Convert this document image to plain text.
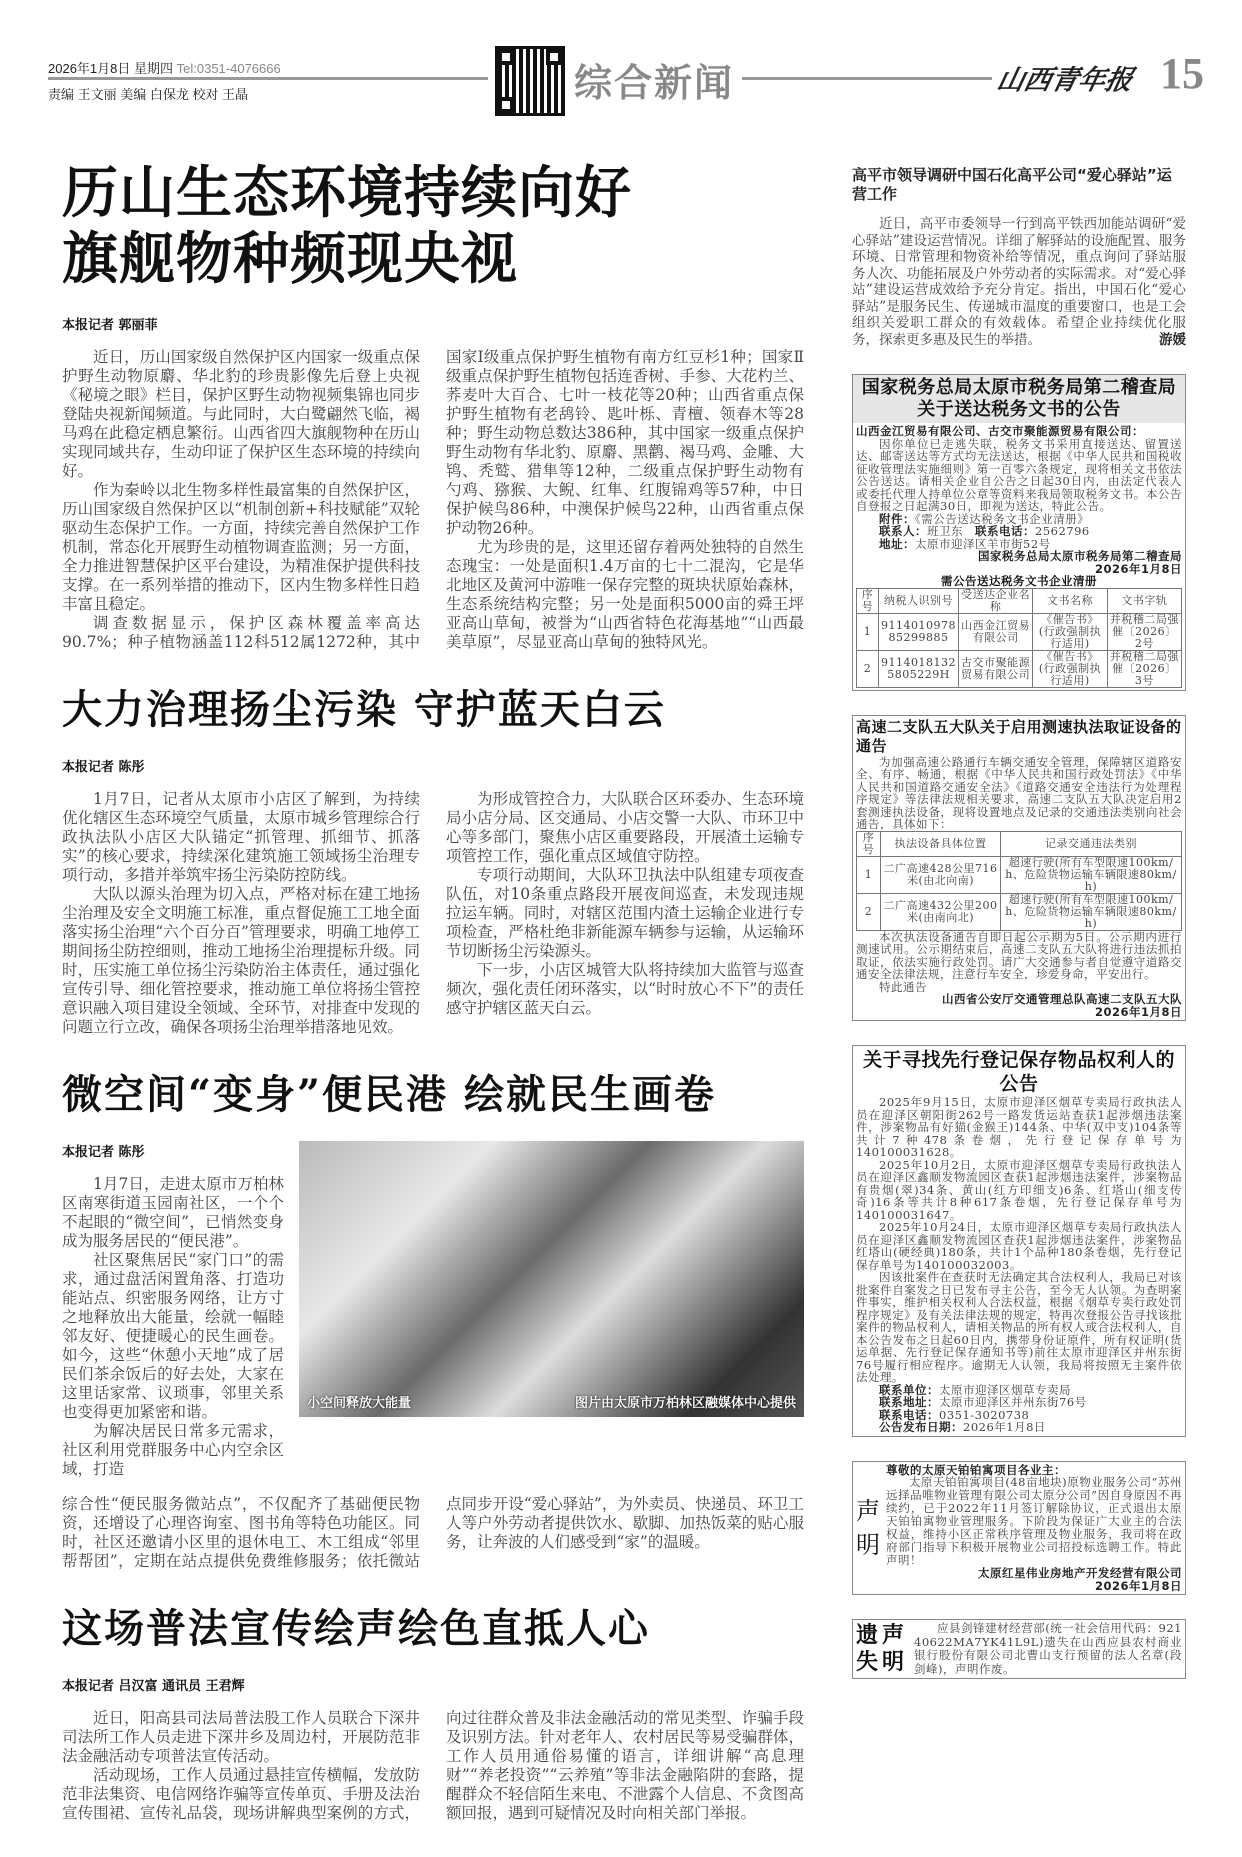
2026年1月8日 星期四 Tel:0351-4076666
责编 王文丽 美编 白保龙 校对 王晶	综合新闻	山西青年报 15
历山生态环境持续向好
旗舰物种频现央视
本报记者 郭丽菲

近日，历山国家级自然保护区内国家一级重点保护野生动物原麝、华北豹的珍贵影像先后登上央视《秘境之眼》栏目，保护区野生动物视频集锦也同步登陆央视新闻频道。与此同时，大白鹭翩然飞临，褐马鸡在此稳定栖息繁衍。山西省四大旗舰物种在历山实现同域共存，生动印证了保护区生态环境的持续向好。

作为秦岭以北生物多样性最富集的自然保护区，历山国家级自然保护区以“机制创新+科技赋能”双轮驱动生态保护工作。一方面，持续完善自然保护工作机制，常态化开展野生动植物调查监测；另一方面，全力推进智慧保护区平台建设，为精准保护提供科技支撑。在一系列举措的推动下，区内生物多样性日趋丰富且稳定。

调查数据显示，保护区森林覆盖率高达90.7%；种子植物涵盖112科512属1272种，其中国家Ⅰ级重点保护野生植物有南方红豆杉1种；国家Ⅱ级重点保护野生植物包括连香树、手参、大花杓兰、荞麦叶大百合、七叶一枝花等20种；山西省重点保护野生植物有老鸹铃、匙叶栎、青檀、领春木等28种；野生动物总数达386种，其中国家一级重点保护野生动物有华北豹、原麝、黑鹳、褐马鸡、金雕、大鸨、秃鹫、猎隼等12种，二级重点保护野生动物有勺鸡、猕猴、大鲵、红隼、红腹锦鸡等57种，中日保护候鸟86种，中澳保护候鸟22种，山西省重点保护动物26种。

尤为珍贵的是，这里还留存着两处独特的自然生态瑰宝：一处是面积1.4万亩的七十二混沟，它是华北地区及黄河中游唯一保存完整的斑块状原始森林，生态系统结构完整；另一处是面积5000亩的舜王坪亚高山草甸，被誉为“山西省特色花海基地”“山西最美草原”，尽显亚高山草甸的独特风光。

大力治理扬尘污染 守护蓝天白云
本报记者 陈彤

1月7日，记者从太原市小店区了解到，为持续优化辖区生态环境空气质量，太原市城乡管理综合行政执法队小店区大队锚定“抓管理、抓细节、抓落实”的核心要求，持续深化建筑施工领域扬尘治理专项行动，多措并举筑牢扬尘污染防控防线。

大队以源头治理为切入点，严格对标在建工地扬尘治理及安全文明施工标准，重点督促施工工地全面落实扬尘治理“六个百分百”管理要求，明确工地停工期间扬尘防控细则，推动工地扬尘治理提标升级。同时，压实施工单位扬尘污染防治主体责任，通过强化宣传引导、细化管控要求，推动施工单位将扬尘管控意识融入项目建设全领域、全环节，对排查中发现的问题立行立改，确保各项扬尘治理举措落地见效。

为形成管控合力，大队联合区环委办、生态环境局小店分局、区交通局、小店交警一大队、市环卫中心等多部门，聚焦小店区重要路段，开展渣土运输专项管控工作，强化重点区域值守防控。

专项行动期间，大队环卫执法中队组建专项夜查队伍，对10条重点路段开展夜间巡查，未发现违规拉运车辆。同时，对辖区范围内渣土运输企业进行专项检查，严格杜绝非新能源车辆参与运输，从运输环节切断扬尘污染源头。

下一步，小店区城管大队将持续加大监管与巡查频次，强化责任闭环落实，以“时时放心不下”的责任感守护辖区蓝天白云。

微空间“变身”便民港 绘就民生画卷
本报记者 陈彤

1月7日，走进太原市万柏林区南寒街道玉园南社区，一个个不起眼的“微空间”，已悄然变身成为服务居民的“便民港”。

社区聚焦居民“家门口”的需求，通过盘活闲置角落、打造功能站点、织密服务网络，让方寸之地释放出大能量，绘就一幅睦邻友好、便捷暖心的民生画卷。如今，这些“休憩小天地”成了居民们茶余饭后的好去处，大家在这里话家常、议琐事，邻里关系也变得更加紧密和谐。

为解决居民日常多元需求，社区利用党群服务中心内空余区域，打造

小空间释放大能量	图片由太原市万柏林区融媒体中心提供
综合性“便民服务微站点”，不仅配齐了基础便民物资，还增设了心理咨询室、图书角等特色功能区。同时，社区还邀请小区里的退休电工、木工组成“邻里帮帮团”，定期在站点提供免费维修服务；依托微站点同步开设“爱心驿站”，为外卖员、快递员、环卫工人等户外劳动者提供饮水、歇脚、加热饭菜的贴心服务，让奔波的人们感受到“家”的温暖。
这场普法宣传绘声绘色直抵人心
本报记者 吕汉富 通讯员 王君辉

近日，阳高县司法局普法股工作人员联合下深井司法所工作人员走进下深井乡及周边村，开展防范非法金融活动专项普法宣传活动。

活动现场，工作人员通过悬挂宣传横幅，发放防范非法集资、电信网络诈骗等宣传单页、手册及法治宣传围裙、宣传礼品袋，现场讲解典型案例的方式，向过往群众普及非法金融活动的常见类型、诈骗手段及识别方法。针对老年人、农村居民等易受骗群体，工作人员用通俗易懂的语言，详细讲解“高息理财”“养老投资”“云养殖”等非法金融陷阱的套路，提醒群众不轻信陌生来电、不泄露个人信息、不贪图高额回报，遇到可疑情况及时向相关部门举报。

高平市领导调研中国石化高平公司“爱心驿站”运营工作
近日，高平市委领导一行到高平铁西加能站调研“爱心驿站”建设运营情况。详细了解驿站的设施配置、服务环境、日常管理和物资补给等情况，重点询问了驿站服务人次、功能拓展及户外劳动者的实际需求。对“爱心驿站”建设运营成效给予充分肯定。指出，中国石化“爱心驿站”是服务民生、传递城市温度的重要窗口，也是工会组织关爱职工群众的有效载体。希望企业持续优化服务，探索更多惠及民生的举措。	游媛
国家税务总局太原市税务局第二稽查局
关于送达税务文书的公告
山西金江贸易有限公司、古交市聚能源贸易有限公司：

因你单位已走逃失联，税务文书采用直接送达、留置送达、邮寄送达等方式均无法送达，根据《中华人民共和国税收征收管理法实施细则》第一百零六条规定，现将相关文书依法公告送达。请相关企业自公告之日起30日内，由法定代表人或委托代理人持单位公章等资料来我局领取税务文书。本公告自登报之日起满30日，即视为送达，特此公告。

附件：《需公告送达税务文书企业清册》

联系人：班卫东　 联系电话：2562796

地址：太原市迎泽区羊市街52号

国家税务总局太原市税务局第二稽查局
2026年1月8日
需公告送达税务文书企业清册
序号	纳税人识别号	受送达企业名称	文书名称	文书字轨
1	911401097885299885	山西金江贸易有限公司	《催告书》(行政强制执行适用)	并税稽二局强催〔2026〕2号
2	91140181325805229H	古交市聚能源贸易有限公司	《催告书》(行政强制执行适用)	并税稽二局强催〔2026〕3号
高速二支队五大队关于启用测速执法取证设备的通告

为加强高速公路通行车辆交通安全管理，保障辖区道路安全、有序、畅通，根据《中华人民共和国行政处罚法》《中华人民共和国道路交通安全法》《道路交通安全违法行为处理程序规定》等法律法规相关要求，高速二支队五大队决定启用2套测速执法设备，现将设置地点及记录的交通违法类别向社会通告，具体如下：

序号	执法设备具体位置	记录交通违法类别
1	二广高速428公里716米(由北向南)	超速行驶(所有车型限速100km/h、危险货物运输车辆限速80km/h)
2	二广高速432公里200米(由南向北)	超速行驶(所有车型限速100km/h、危险货物运输车辆限速80km/h)

本次执法设备通告自即日起公示期为5日。公示期内进行测速试用。公示期结束后，高速二支队五大队将进行违法抓拍取证，依法实施行政处罚。请广大交通参与者自觉遵守道路交通安全法律法规，注意行车安全，珍爱身命，平安出行。

特此通告

山西省公安厅交通管理总队高速二支队五大队
2026年1月8日
关于寻找先行登记保存物品权利人的公告

2025年9月15日，太原市迎泽区烟草专卖局行政执法人员在迎泽区朝阳街262号一路发货运站查获1起涉烟违法案件，涉案物品有好猫(金猴王)144条、中华(双中支)104条等共计7种478条卷烟，先行登记保存单号为140100031628。

2025年10月2日，太原市迎泽区烟草专卖局行政执法人员在迎泽区鑫顺发物流园区查获1起涉烟违法案件，涉案物品有贵烟(翠)34条、黄山(红方印细支)6条、红塔山(细支传奇)16条等共计8种617条卷烟，先行登记保存单号为140100031647。

2025年10月24日，太原市迎泽区烟草专卖局行政执法人员在迎泽区鑫顺发物流园区查获1起涉烟违法案件，涉案物品红塔山(硬经典)180条，共计1个品种180条卷烟，先行登记保存单号为140100032003。

因该批案件在查获时无法确定其合法权利人，我局已对该批案件自案发之日已发布寻主公告，至今无人认领。为查明案件事实，维护相关权利人合法权益，根据《烟草专卖行政处罚程序规定》及有关法律法规的规定，特再次登报公告寻找该批案件的物品权利人，请相关物品的所有权人或合法权利人，自本公告发布之日起60日内，携带身份证原件，所有权证明(货运单据、先行登记保存通知书等)前往太原市迎泽区并州东街76号履行相应程序。逾期无人认领，我局将按照无主案件依法处理。

联系单位：太原市迎泽区烟草专卖局

联系地址：太原市迎泽区并州东街76号

联系电话：0351-3020738

公告发布日期：2026年1月8日

声
明
尊敬的太原天铂铂寓项目各业主：

太原天铂铂寓项目(48亩地块)原物业服务公司“苏州远择品唯物业管理有限公司太原分公司”因自身原因不再续约，已于2022年11月签订解除协议，正式退出太原天铂铂寓物业管理服务。下阶段为保证广大业主的合法权益，维持小区正常秩序管理及物业服务，我司将在政府部门指导下积极开展物业公司招投标选聘工作。特此声明！

太原红星伟业房地产开发经营有限公司
2026年1月8日
遗 声
失 明

应县剑锋建材经营部(统一社会信用代码：92140622MA7YK41L9L)遗失在山西应县农村商业银行股份有限公司北曹山支行预留的法人名章(段剑峰)，声明作废。
